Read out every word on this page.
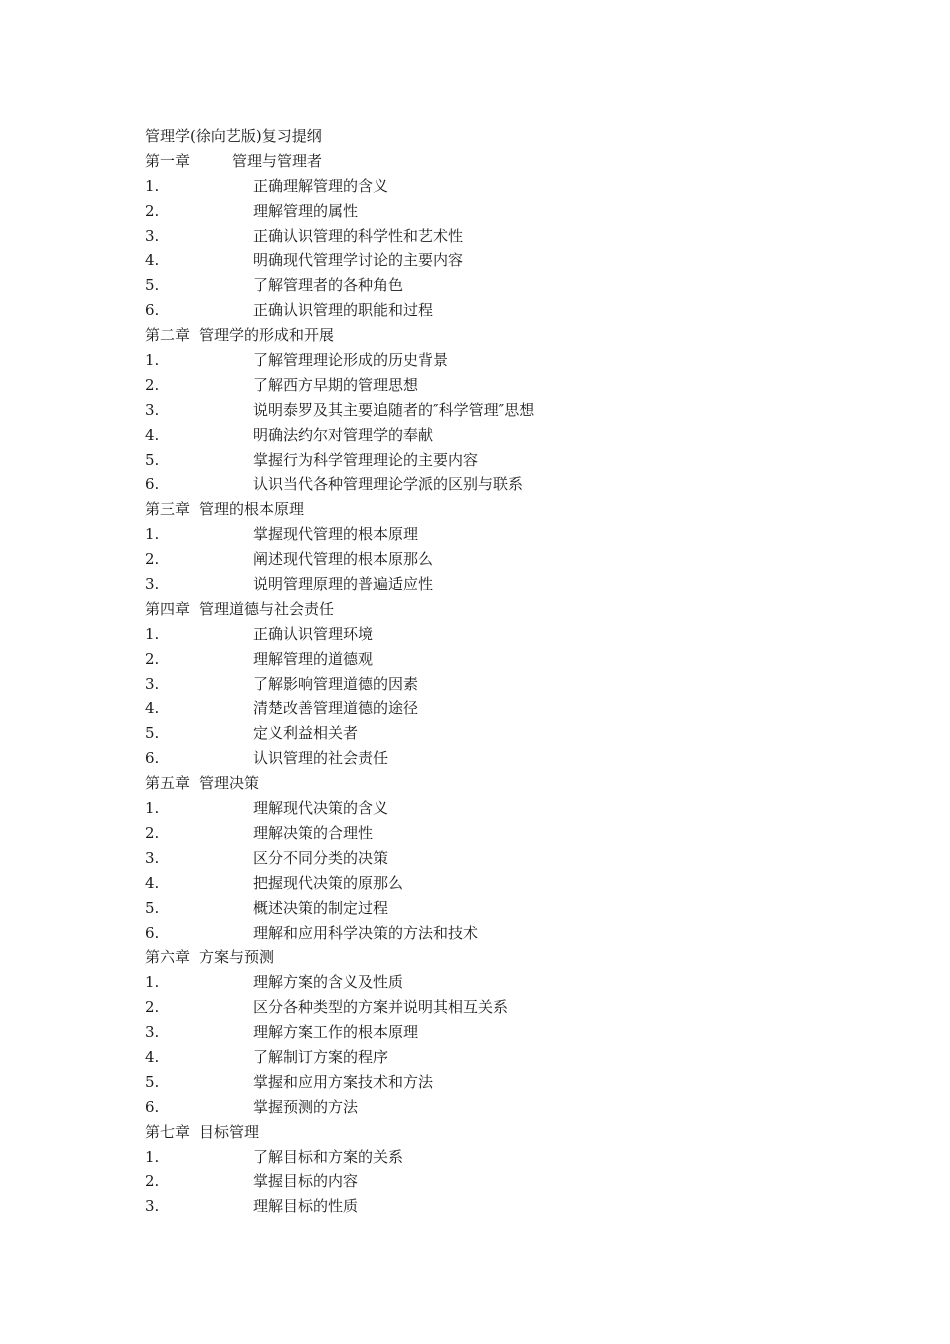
管理学(徐向艺版)复习提纲
第一章	管理与管理者
1.	正确理解管理的含义
2.	理解管理的属性
3.	正确认识管理的科学性和艺术性
4.	明确现代管理学讨论的主要内容
5.	了解管理者的各种角色
6.	正确认识管理的职能和过程
第二章 管理学的形成和开展
1.	了解管理理论形成的历史背景
2.	了解西方早期的管理思想
3.	说明泰罗及其主要追随者的″科学管理″思想
4.	明确法约尔对管理学的奉献
5.	掌握行为科学管理理论的主要内容
6.	认识当代各种管理理论学派的区别与联系
第三章 管理的根本原理
1.	掌握现代管理的根本原理
2.	阐述现代管理的根本原那么
3.	说明管理原理的普遍适应性
第四章 管理道德与社会责任
1.	正确认识管理环境
2.	理解管理的道德观
3.	了解影响管理道德的因素
4.	清楚改善管理道德的途径
5.	定义利益相关者
6.	认识管理的社会责任
第五章 管理决策
1.	理解现代决策的含义
2.	理解决策的合理性
3.	区分不同分类的决策
4.	把握现代决策的原那么
5.	概述决策的制定过程
6.	理解和应用科学决策的方法和技术
第六章 方案与预测
1.	理解方案的含义及性质
2.	区分各种类型的方案并说明其相互关系
3.	理解方案工作的根本原理
4.	了解制订方案的程序
5.	掌握和应用方案技术和方法
6.	掌握预测的方法
第七章 目标管理
1.	了解目标和方案的关系
2.	掌握目标的内容
3.	理解目标的性质
